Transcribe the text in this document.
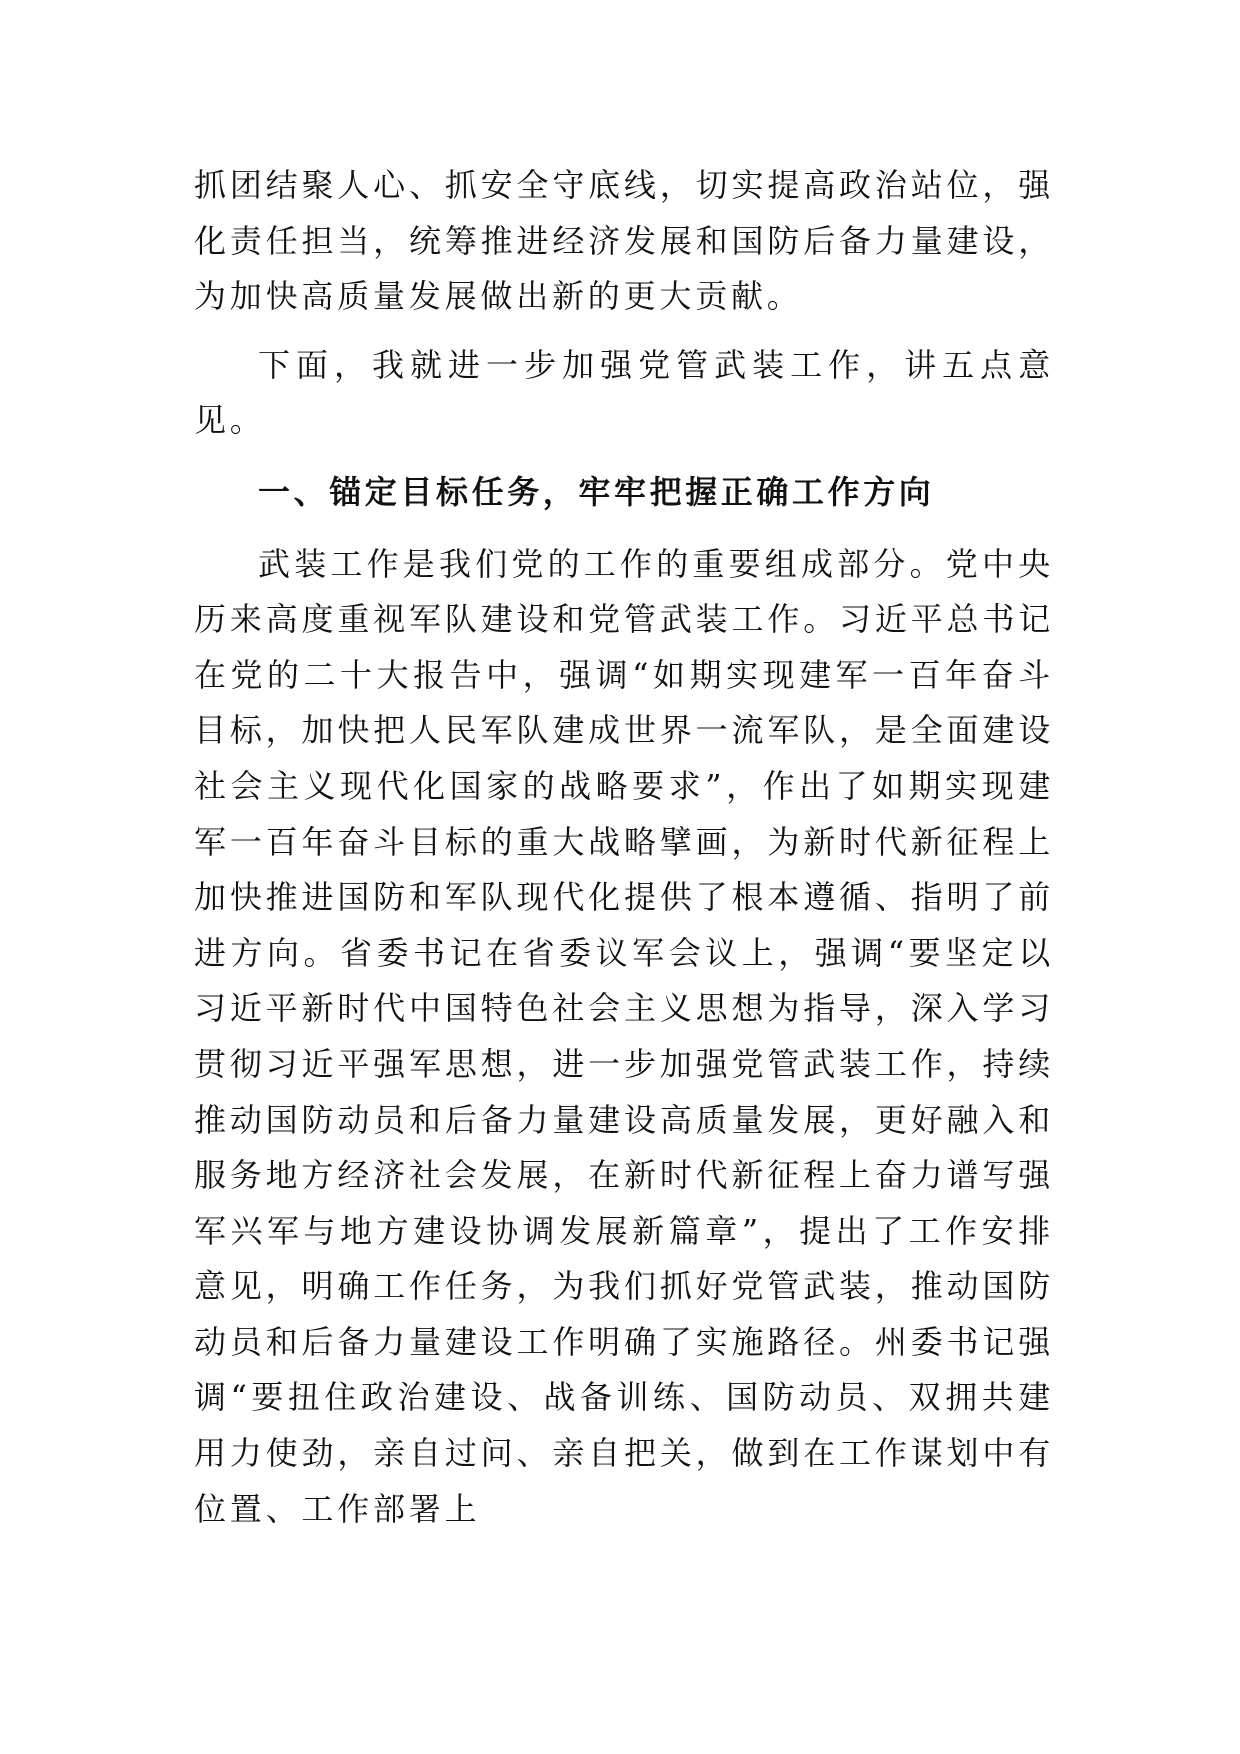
抓团结聚人心、抓安全守底线，切实提高政治站位，强化责任担当，统筹推进经济发展和国防后备力量建设，为加快高质量发展做出新的更大贡献。

下面，我就进一步加强党管武装工作，讲五点意见。

一、锚定目标任务，牢牢把握正确工作方向

武装工作是我们党的工作的重要组成部分。党中央历来高度重视军队建设和党管武装工作。习近平总书记在党的二十大报告中，强调“如期实现建军一百年奋斗目标，加快把人民军队建成世界一流军队，是全面建设社会主义现代化国家的战略要求”，作出了如期实现建军一百年奋斗目标的重大战略擘画，为新时代新征程上加快推进国防和军队现代化提供了根本遵循、指明了前进方向。省委书记在省委议军会议上，强调“要坚定以习近平新时代中国特色社会主义思想为指导，深入学习贯彻习近平强军思想，进一步加强党管武装工作，持续推动国防动员和后备力量建设高质量发展，更好融入和服务地方经济社会发展，在新时代新征程上奋力谱写强军兴军与地方建设协调发展新篇章”，提出了工作安排意见，明确工作任务，为我们抓好党管武装，推动国防动员和后备力量建设工作明确了实施路径。州委书记强调“要扭住政治建设、战备训练、国防动员、双拥共建用力使劲，亲自过问、亲自把关，做到在工作谋划中有位置、工作部署上
